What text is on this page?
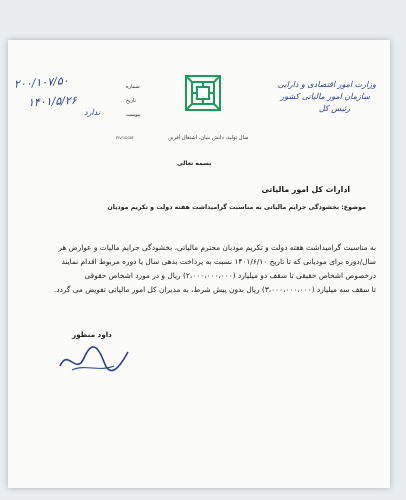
وزارت امور اقتصادی و دارایی
سازمان امور مالیاتی کشور
رئیس کل
سال تولید، دانش بنیان، اشتغال آفرین
شماره
۲۰۰/۱۰۷/۵۰
تاریخ
۱۴۰۱/۵/۲۶
پیوست
ندارد
PIV/1000F
بسمه تعالی
ادارات کل امور مالیاتی
موضوع: بخشودگی جرایم مالیاتی به مناسبت گرامیداشت هفته دولت و تکریم مودیان
به مناسبت گرامیداشت هفته دولت و تکریم مودیان محترم مالیاتی، بخشودگی جرایم مالیات و عوارض هر
سال/دوره برای مودیانی که تا تاریخ ۱۴۰۱/۶/۱۰ نسبت به پرداخت بدهی سال یا دوره مربوط اقدام نمایند
درخصوص اشخاص حقیقی تا سقف دو میلیارد (۲،۰۰۰،۰۰۰،۰۰۰) ریال و در مورد اشخاص حقوقی
تا سقف سه میلیارد (۳،۰۰۰،۰۰۰،۰۰۰) ریال بدون پیش شرط، به مدیران کل امور مالیاتی تفویض می گردد.
داود منظور
